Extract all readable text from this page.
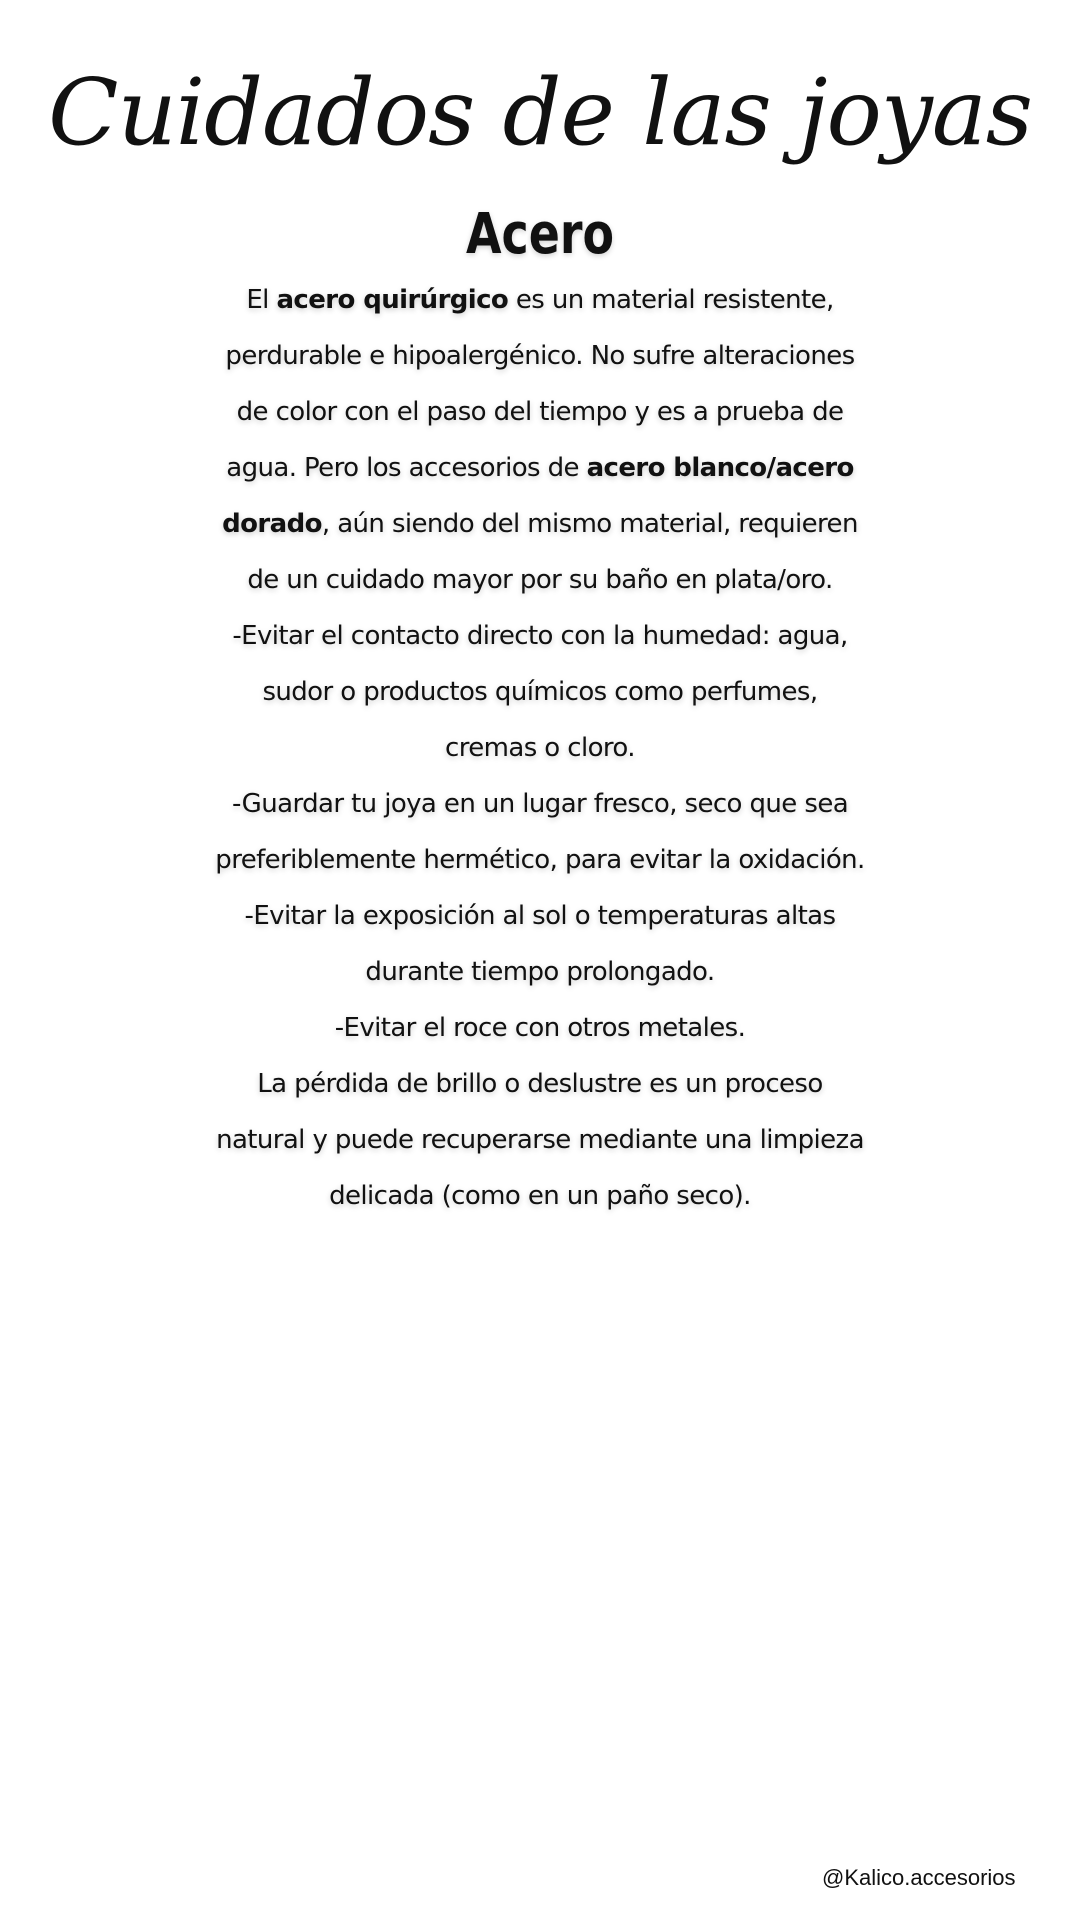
Cuidados de las joyas
Acero
El acero quirúrgico es un material resistente,
perdurable e hipoalergénico. No sufre alteraciones
de color con el paso del tiempo y es a prueba de
agua. Pero los accesorios de acero blanco/acero
dorado, aún siendo del mismo material, requieren
de un cuidado mayor por su baño en plata/oro.
-Evitar el contacto directo con la humedad: agua,
sudor o productos químicos como perfumes,
cremas o cloro.
-Guardar tu joya en un lugar fresco, seco que sea
preferiblemente hermético, para evitar la oxidación.
-Evitar la exposición al sol o temperaturas altas
durante tiempo prolongado.
-Evitar el roce con otros metales.
La pérdida de brillo o deslustre es un proceso
natural y puede recuperarse mediante una limpieza
delicada (como en un paño seco).
@Kalico.accesorios
